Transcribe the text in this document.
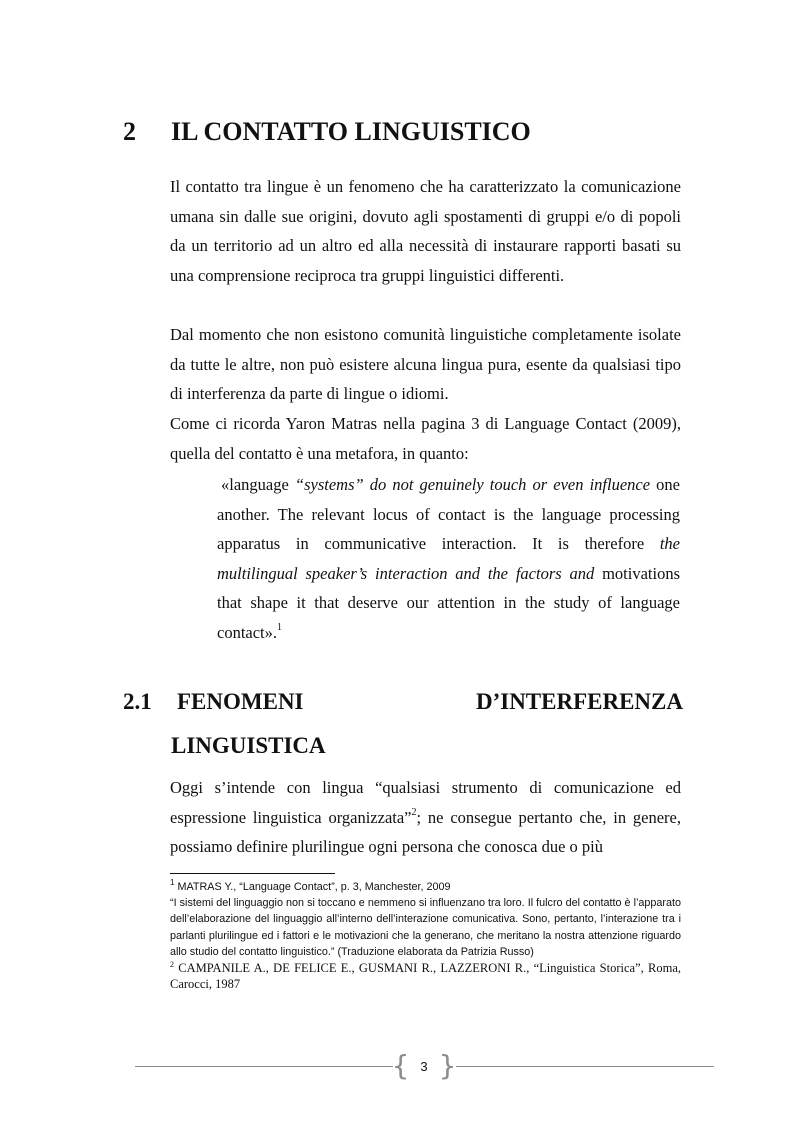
2 IL CONTATTO LINGUISTICO
Il contatto tra lingue è un fenomeno che ha caratterizzato la comunicazione umana sin dalle sue origini, dovuto agli spostamenti di gruppi e/o di popoli da un territorio ad un altro ed alla necessità di instaurare rapporti basati su una comprensione reciproca tra gruppi linguistici differenti.
Dal momento che non esistono comunità linguistiche completamente isolate da tutte le altre, non può esistere alcuna lingua pura, esente da qualsiasi tipo di interferenza da parte di lingue o idiomi.
Come ci ricorda Yaron Matras nella pagina 3 di Language Contact (2009), quella del contatto è una metafora, in quanto:
«language “systems” do not genuinely touch or even influence one another. The relevant locus of contact is the language processing apparatus in communicative interaction. It is therefore the multilingual speaker’s interaction and the factors and motivations that shape it that deserve our attention in the study of language contact».$^1$
2.1 FENOMENI	D’INTERFERENZA
LINGUISTICA
Oggi s’intende con lingua “qualsiasi strumento di comunicazione ed espressione linguistica organizzata”$^2$; ne consegue pertanto che, in genere, possiamo definire plurilingue ogni persona che conosca due o più
$^1$ MATRAS Y., “Language Contact”, p. 3, Manchester, 2009
“I sistemi del linguaggio non si toccano e nemmeno si influenzano tra loro. Il fulcro del contatto è l’apparato dell’elaborazione del linguaggio all’interno dell’interazione comunicativa. Sono, pertanto, l’interazione tra i parlanti plurilingue ed i fattori e le motivazioni che la generano, che meritano la nostra attenzione riguardo allo studio del contatto linguistico.” (Traduzione elaborata da Patrizia Russo)
$^2$ CAMPANILE A., DE FELICE E., GUSMANI R., LAZZERONI R., “Linguistica Storica”, Roma, Carocci, 1987
{ 3 }
